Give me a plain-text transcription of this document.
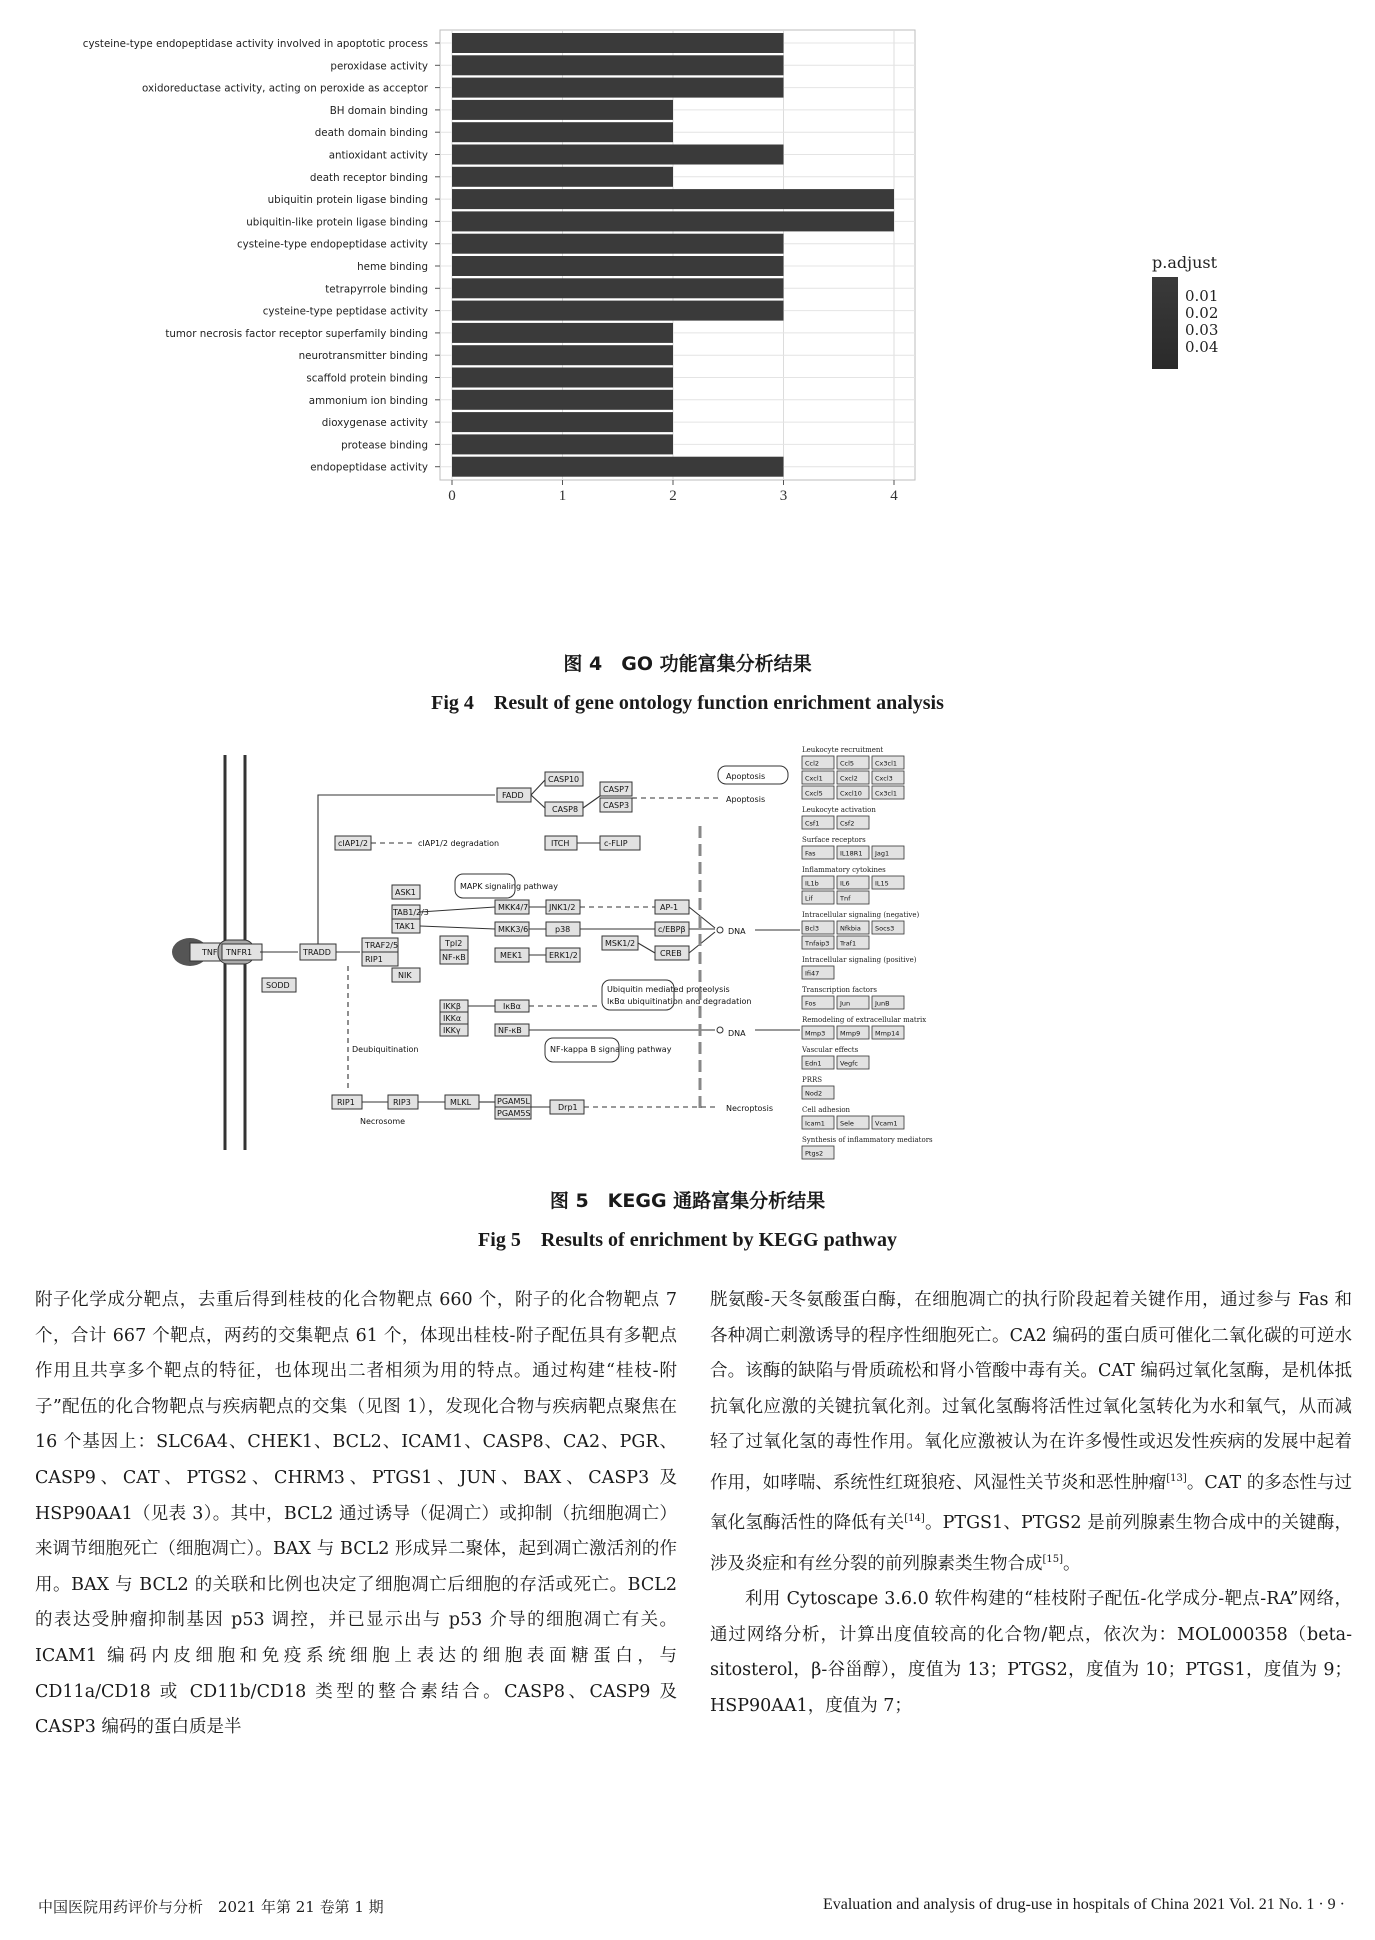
cysteine-type endopeptidase activity involved in apoptotic process
peroxidase activity
oxidoreductase activity, acting on peroxide as acceptor
BH domain binding
death domain binding
antioxidant activity
death receptor binding
ubiquitin protein ligase binding
ubiquitin-like protein ligase binding
cysteine-type endopeptidase activity
heme binding
tetrapyrrole binding
cysteine-type peptidase activity
tumor necrosis factor receptor superfamily binding
neurotransmitter binding
scaffold protein binding
ammonium ion binding
dioxygenase activity
protease binding
endopeptidase activity
0	1	2	3	4
p.adjust
0.01
0.02
0.03
0.04
图 4　GO 功能富集分析结果
Fig 4　Result of gene ontology function enrichment analysis
TNF TNFR1
SODD
TRADD
TRAF2/5
RIP1
FADD
CASP10
CASP8
CASP7
CASP3
Apoptosis
Apoptosis
cIAP1/2	cIAP1/2 degradation	ITCH	c-FLIP
ASK1
TAB1/2/3
TAK1
MAPK signaling pathway
MKK4/7
MKK3/6
MEK1
JNK1/2
p38
ERK1/2
AP-1
c/EBPβ
MSK1/2
CREB
DNA
Tpl2
NF-κB
NIK
IKKβ
IKKα
IKKγ
IκBα
NF-κB	DNA
Ubiquitin mediated proteolysis
IκBα ubiquitination and degradation
NF-kappa B signaling pathway
Deubiquitination
RIP1	RIP3	MLKL	PGAM5L
PGAM5S
Drp1	Necroptosis
Necrosome
Leukocyte recruitment
Ccl2	Ccl5	Cx3cl1
Cxcl1	Cxcl2	Cxcl3
Cxcl5	Cxcl10 Cx3cl1
Leukocyte activation
Csf1	Csf2
Surface receptors
Fas	IL18R1 Jag1
Inflammatory cytokines
IL1b	IL6	IL15
Lif	Tnf
Intracellular signaling (negative)
Bcl3	Nfkbia Socs3
Tnfaip3 Traf1
Intracellular signaling (positive)
Ifi47
Transcription factors
Fos	Jun	JunB
Remodeling of extracellular matrix
Mmp3 Mmp9 Mmp14
Vascular effects
Edn1	Vegfc
PRRS
Nod2
Cell adhesion
Icam1 Sele	Vcam1
Synthesis of inflammatory mediators
Ptgs2
图 5　KEGG 通路富集分析结果
Fig 5　Results of enrichment by KEGG pathway

附子化学成分靶点，去重后得到桂枝的化合物靶点 660 个，附子的化合物靶点 7 个，合计 667 个靶点，两药的交集靶点 61 个，体现出桂枝-附子配伍具有多靶点作用且共享多个靶点的特征，也体现出二者相须为用的特点。通过构建“桂枝-附子”配伍的化合物靶点与疾病靶点的交集（见图 1），发现化合物与疾病靶点聚焦在 16 个基因上：SLC6A4、CHEK1、BCL2、ICAM1、CASP8、CA2、PGR、CASP9、CAT、PTGS2、CHRM3、PTGS1、JUN、BAX、CASP3 及 HSP90AA1（见表 3）。其中，BCL2 通过诱导（促凋亡）或抑制（抗细胞凋亡）来调节细胞死亡（细胞凋亡）。BAX 与 BCL2 形成异二聚体，起到凋亡激活剂的作用。BAX 与 BCL2 的关联和比例也决定了细胞凋亡后细胞的存活或死亡。BCL2 的表达受肿瘤抑制基因 p53 调控，并已显示出与 p53 介导的细胞凋亡有关。ICAM1 编码内皮细胞和免疫系统细胞上表达的细胞表面糖蛋白，与 CD11a/CD18 或 CD11b/CD18 类型的整合素结合。CASP8、CASP9 及 CASP3 编码的蛋白质是半

胱氨酸-天冬氨酸蛋白酶，在细胞凋亡的执行阶段起着关键作用，通过参与 Fas 和各种凋亡刺激诱导的程序性细胞死亡。CA2 编码的蛋白质可催化二氧化碳的可逆水合。该酶的缺陷与骨质疏松和肾小管酸中毒有关。CAT 编码过氧化氢酶，是机体抵抗氧化应激的关键抗氧化剂。过氧化氢酶将活性过氧化氢转化为水和氧气，从而减轻了过氧化氢的毒性作用。氧化应激被认为在许多慢性或迟发性疾病的发展中起着作用，如哮喘、系统性红斑狼疮、风湿性关节炎和恶性肿瘤[13]。CAT 的多态性与过氧化氢酶活性的降低有关[14]。PTGS1、PTGS2 是前列腺素生物合成中的关键酶，涉及炎症和有丝分裂的前列腺素类生物合成[15]。

利用 Cytoscape 3.6.0 软件构建的“桂枝附子配伍-化学成分-靶点-RA”网络，通过网络分析，计算出度值较高的化合物/靶点，依次为：MOL000358（beta-sitosterol，β-谷甾醇），度值为 13；PTGS2，度值为 10；PTGS1，度值为 9；HSP90AA1，度值为 7；

中国医院用药评价与分析　2021 年第 21 卷第 1 期	Evaluation and analysis of drug-use in hospitals of China 2021 Vol. 21 No. 1 · 9 ·
